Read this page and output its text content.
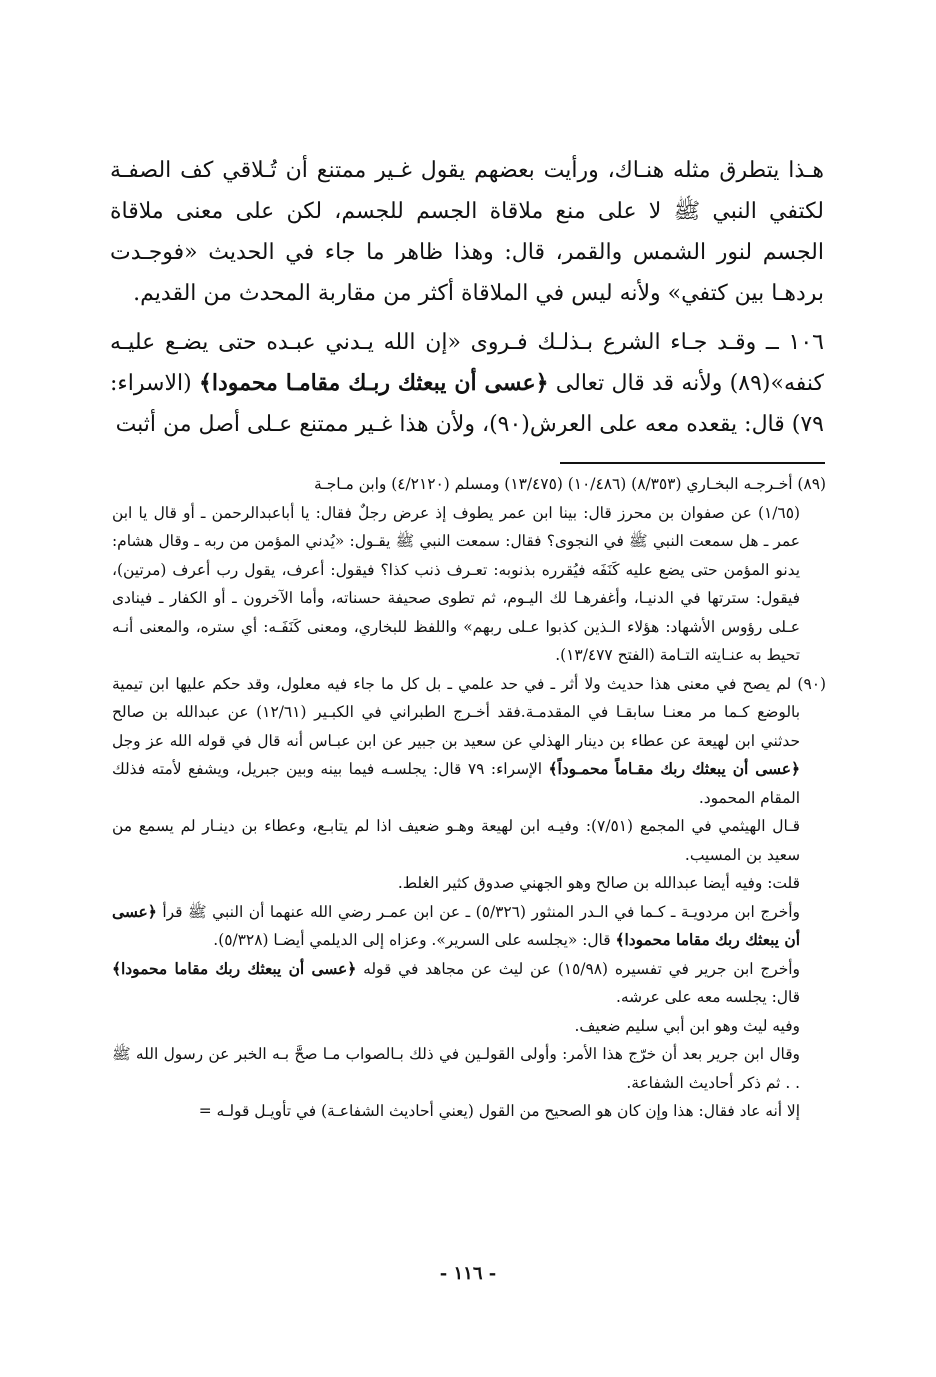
هـذا يتطرق مثله هنـاك، ورأيت بعضهم يقول غـير ممتنع أن تُـلاقي كف الصفـة لكتفي النبي ﷺ لا على منع ملاقاة الجسم للجسم، لكن على معنى ملاقاة الجسم لنور الشمس والقمر، قال: وهذا ظاهر ما جاء في الحديث «فوجـدت بردهـا بين كتفي» ولأنه ليس في الملاقاة أكثر من مقاربة المحدث من القديم.

١٠٦ ــ وقـد جـاء الشرع بـذلـك فـروى «إن الله يـدني عبـده حتى يضـع عليـه كنفه»(٨٩) ولأنه قد قال تعالى ﴿عسى أن يبعثك ربـك مقامـا محمودا﴾ (الاسراء: ٧٩) قال: يقعده معه على العرش(٩٠)، ولأن هذا غـير ممتنع عـلى أصل من أثبت

(٨٩) أخـرجـه البخـاري (٨/٣٥٣) (١٠/٤٨٦) (١٣/٤٧٥) ومسلم (٤/٢١٢٠) وابن مـاجـة

(١/٦٥) عن صفوان بن محرز قال: بينا ابن عمر يطوف إذ عرض رجلٌ فقال: يا أباعبدالرحمن ـ أو قال يا ابن عمر ـ هل سمعت النبي ﷺ في النجوى؟ فقال: سمعت النبي ﷺ يقـول: «يُدني المؤمن من ربه ـ وقال هشام: يدنو المؤمن حتى يضع عليه كَنَفَه فيُقرره بذنوبه: تعـرف ذنب كذا؟ فيقول: أعرف، يقول رب أعرف (مرتين)، فيقول: سترتها في الدنيـا، وأغفرهـا لك اليـوم، ثم تطوى صحيفة حسناته، وأما الآخرون ـ أو الكفار ـ فينادى عـلى رؤوس الأشهاد: هؤلاء الـذين كذبوا عـلى ربهم» واللفظ للبخاري، ومعنى كَنَفَـه: أي ستره، والمعنى أنـه تحيط به عنـايته التـامة (الفتح ١٣/٤٧٧).

(٩٠) لم يصح في معنى هذا حديث ولا أثر ـ في حد علمي ـ بل كل ما جاء فيه معلول، وقد حكم عليها ابن تيمية بالوضع كـما مر معنـا سابقـا في المقدمـة.فقد أخـرج الطبراني في الكبـير (١٢/٦١) عن عبدالله بن صالح حدثني ابن لهيعة عن عطاء بن دينار الهذلي عن سعيد بن جبير عن ابن عبـاس أنه قال في قوله الله عز وجل ﴿عسى أن يبعثك ربك مقـاماً محمـوداً﴾ الإسراء: ٧٩ قال: يجلسـه فيما بينه وبين جبريل، ويشفع لأمته فذلك المقام المحمود.

قـال الهيثمي في المجمع (٧/٥١): وفيـه ابن لهيعة وهـو ضعيف اذا لم يتابـع، وعطاء بن دينـار لم يسمع من سعيد بن المسيب.

قلت: وفيه أيضا عبدالله بن صالح وهو الجهني صدوق كثير الغلط.

وأخرج ابن مردويـة ـ كـما في الـدر المنثور (٥/٣٢٦) ـ عن ابن عمـر رضي الله عنهما أن النبي ﷺ قرأ ﴿عسى أن يبعثك ربك مقاما محمودا﴾ قال: «يجلسه على السرير». وعزاه إلى الديلمي أيضـا (٥/٣٢٨).

وأخرج ابن جرير في تفسيره (١٥/٩٨) عن ليث عن مجاهد في قوله ﴿عسى أن يبعثك ربك مقاما محمودا﴾ قال: يجلسه معه على عرشه.

وفيه ليث وهو ابن أبي سليم ضعيف.

وقال ابن جرير بعد أن خرّج هذا الأمر: وأولى القولـين في ذلك بـالصواب مـا صحَّ بـه الخبر عن رسول الله ﷺ . . ثم ذكر أحاديث الشفاعة.

إلا أنه عاد فقال: هذا وإن كان هو الصحيح من القول (يعني أحاديث الشفاعـة) في تأويـل قولـه =

- ١١٦ -
